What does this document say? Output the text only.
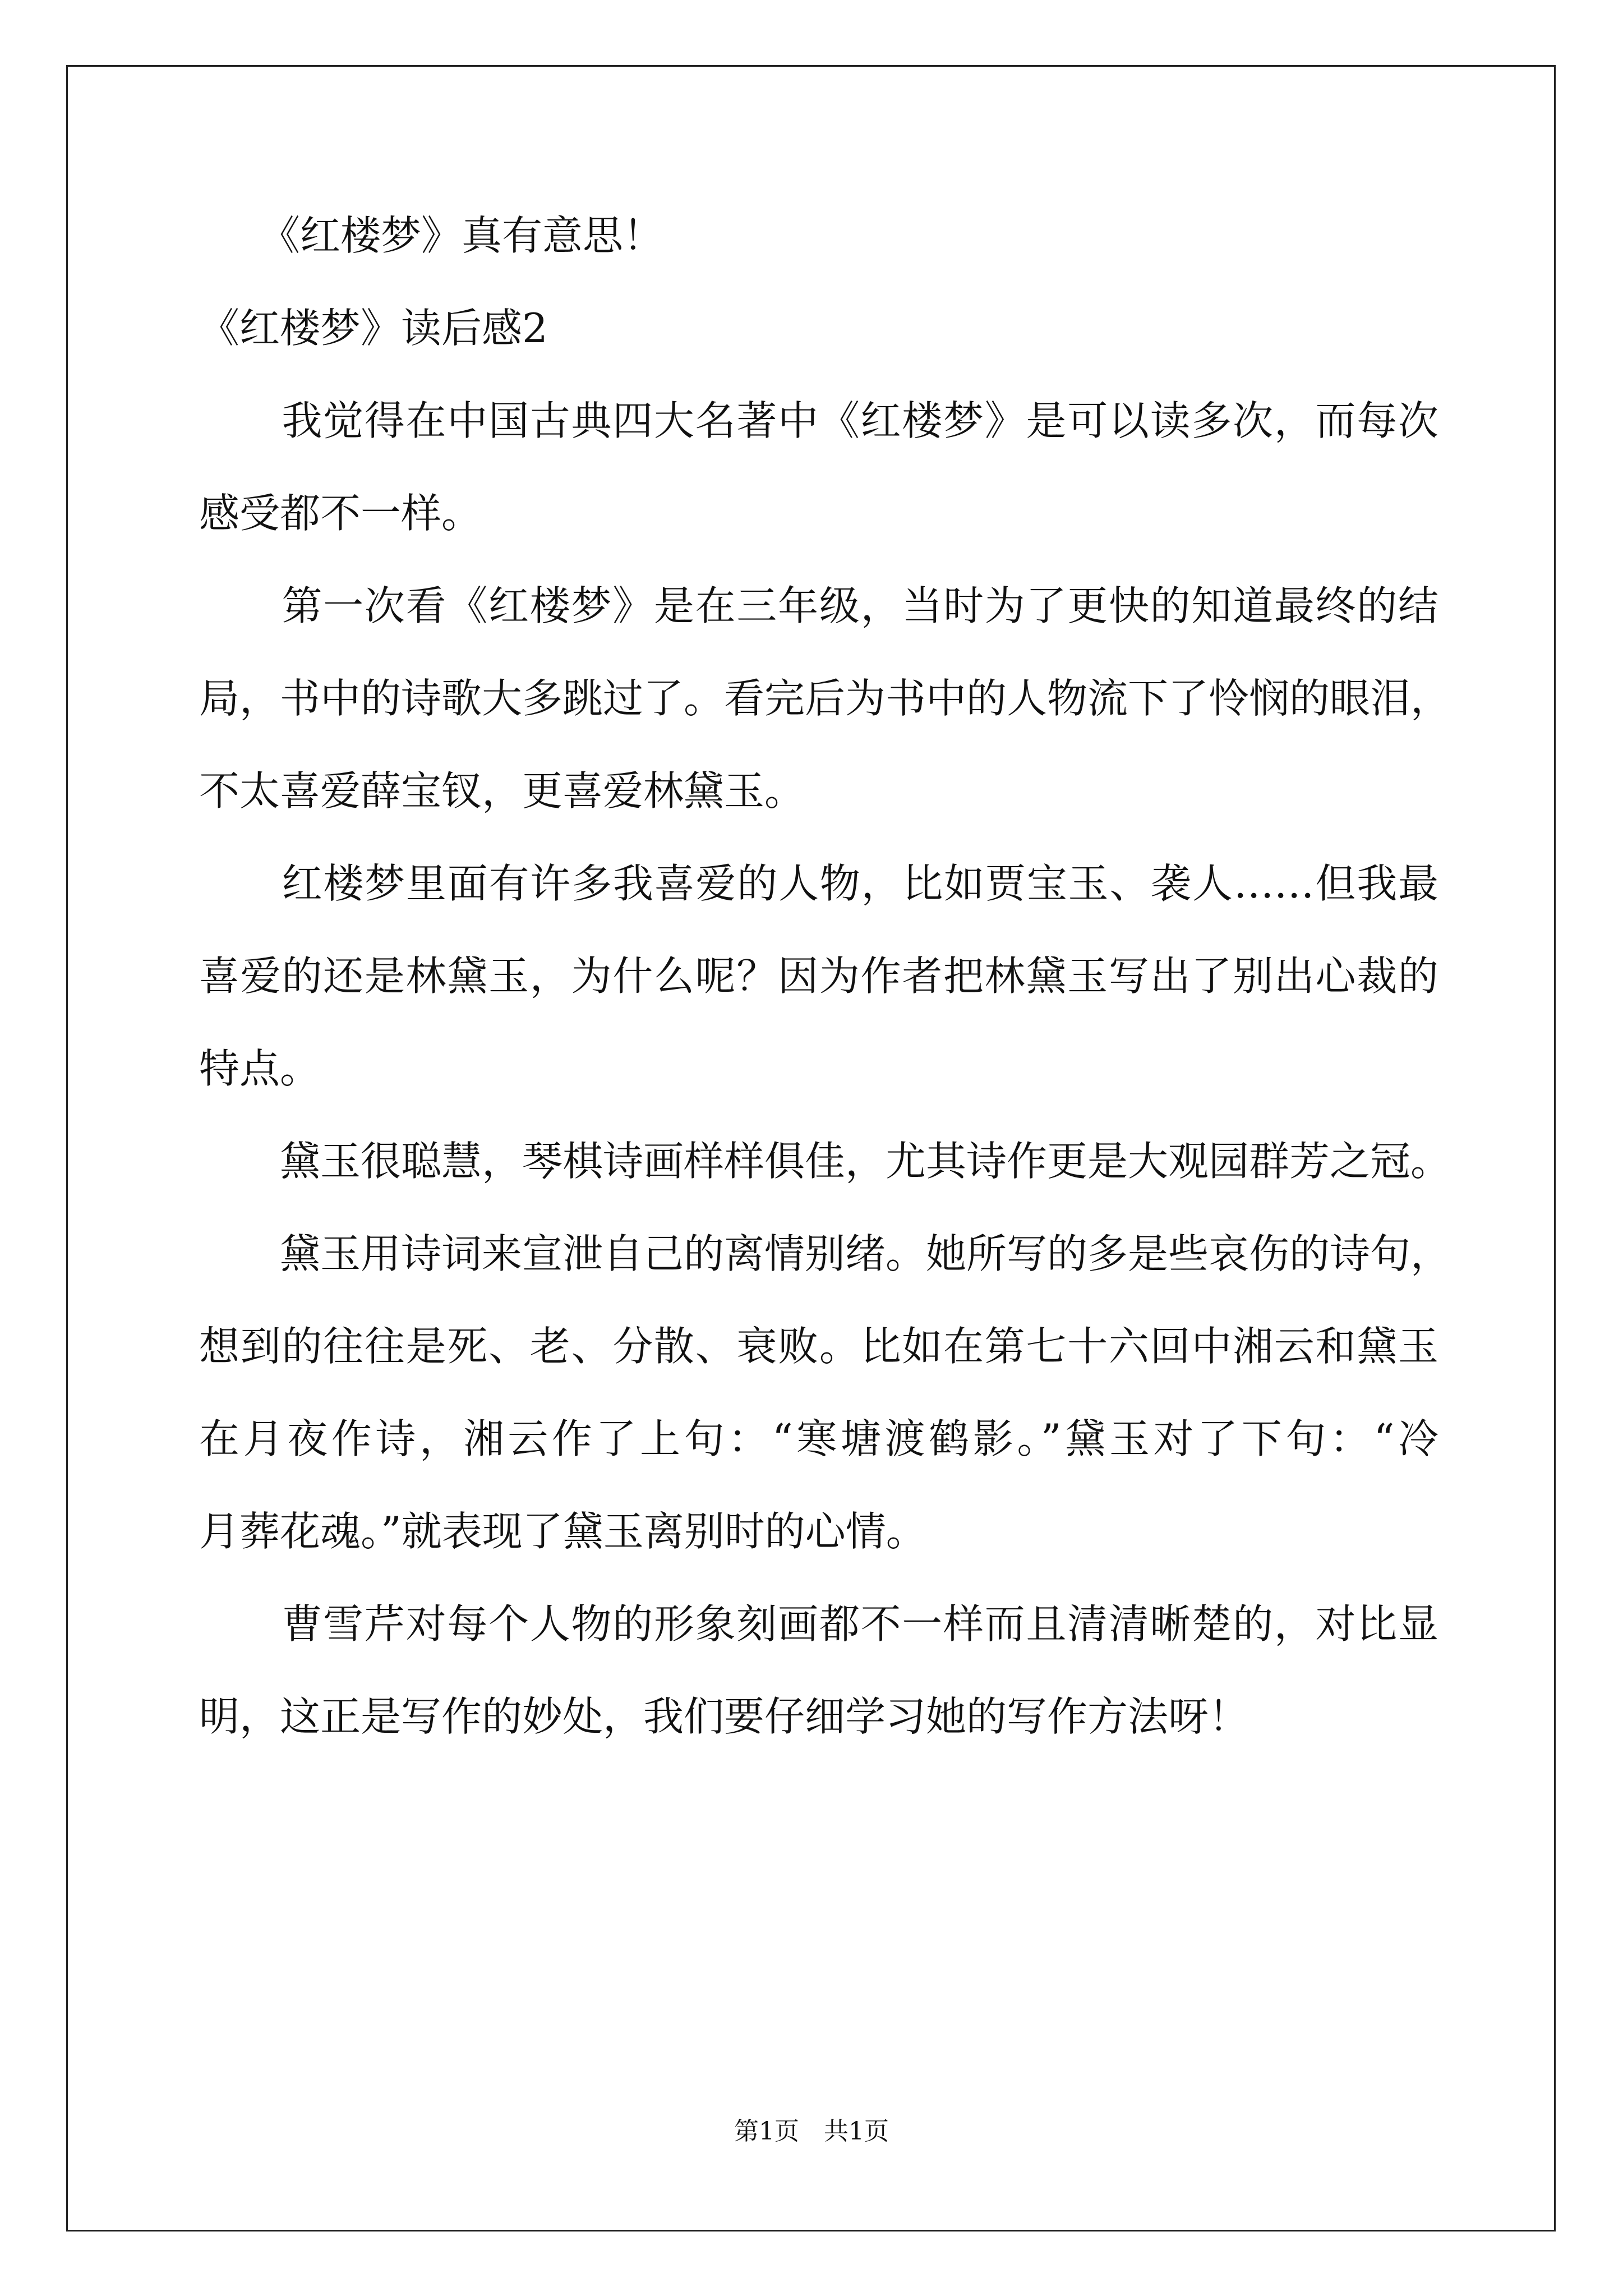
　　《红楼梦》真有意思！
《红楼梦》读后感2
　　我觉得在中国古典四大名著中《红楼梦》是可以读多次，而每次
感受都不一样。
　　第一次看《红楼梦》是在三年级，当时为了更快的知道最终的结
局，书中的诗歌大多跳过了。看完后为书中的人物流下了怜悯的眼泪，
不太喜爱薛宝钗，更喜爱林黛玉。
　　红楼梦里面有许多我喜爱的人物，比如贾宝玉、袭人……但我最
喜爱的还是林黛玉，为什么呢？因为作者把林黛玉写出了别出心裁的
特点。
　　黛玉很聪慧，琴棋诗画样样俱佳，尤其诗作更是大观园群芳之冠。
　　黛玉用诗词来宣泄自己的离情别绪。她所写的多是些哀伤的诗句，
想到的往往是死、老、分散、衰败。比如在第七十六回中湘云和黛玉
在月夜作诗，湘云作了上句：“寒塘渡鹤影。”黛玉对了下句：“冷
月葬花魂。”就表现了黛玉离别时的心情。
　　曹雪芹对每个人物的形象刻画都不一样而且清清晰楚的，对比显
明，这正是写作的妙处，我们要仔细学习她的写作方法呀！
第1页　共1页
